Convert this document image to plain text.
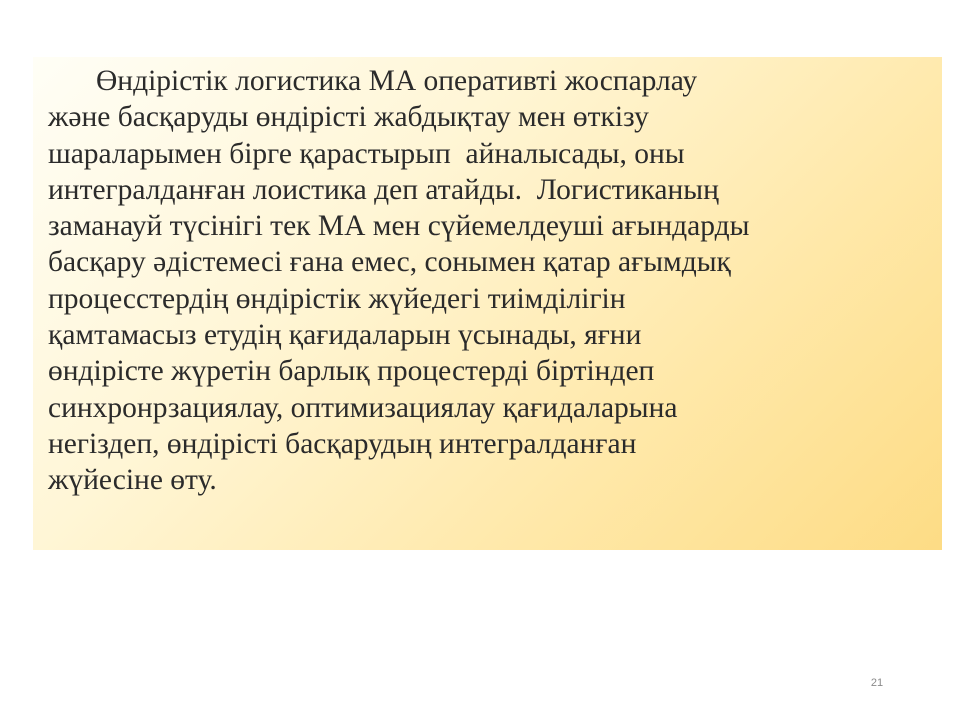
Өндірістік логистика МА оперативті жоспарлау
және басқаруды өндірісті жабдықтау мен өткізу
шараларымен бірге қарастырып  айналысады, оны
интегралданған лоистика деп атайды.  Логистиканың
заманауй түсінігі тек МА мен сүйемелдеуші ағындарды
басқару әдістемесі ғана емес, сонымен қатар ағымдық
процесстердің өндірістік жүйедегі тиімділігін
қамтамасыз етудің қағидаларын үсынады, яғни
өндірісте жүретін барлық процестерді біртіндеп
синхронрзациялау, оптимизациялау қағидаларына
негіздеп, өндірісті басқарудың интегралданған
жүйесіне өту.

21
